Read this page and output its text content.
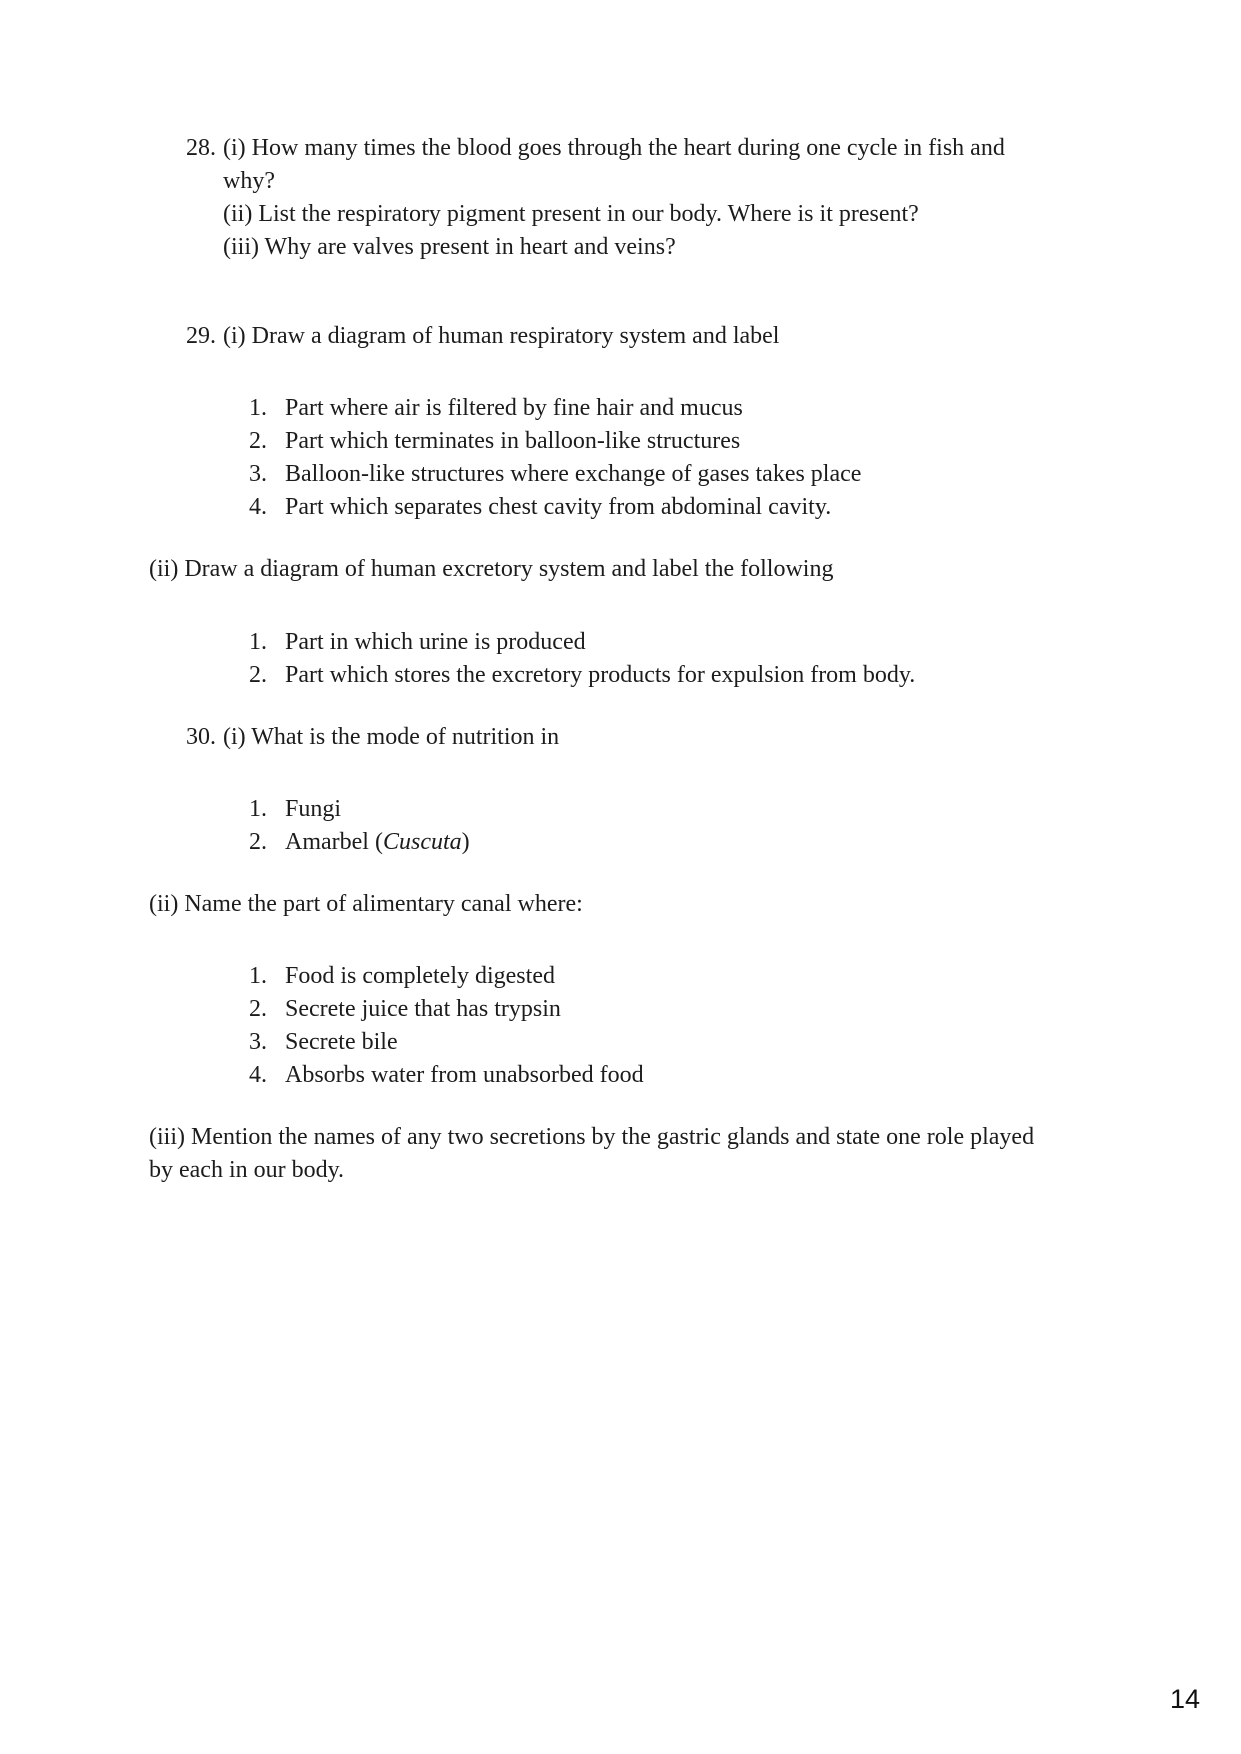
28. (i) How many times the blood goes through the heart during one cycle in fish and
why?
(ii) List the respiratory pigment present in our body. Where is it present?
(iii) Why are valves present in heart and veins?
29. (i) Draw a diagram of human respiratory system and label
1. Part where air is filtered by fine hair and mucus
2. Part which terminates in balloon-like structures
3. Balloon-like structures where exchange of gases takes place
4. Part which separates chest cavity from abdominal cavity.
(ii) Draw a diagram of human excretory system and label the following
1. Part in which urine is produced
2. Part which stores the excretory products for expulsion from body.
30. (i) What is the mode of nutrition in
1. Fungi
2. Amarbel (Cuscuta)
(ii) Name the part of alimentary canal where:
1. Food is completely digested
2. Secrete juice that has trypsin
3. Secrete bile
4. Absorbs water from unabsorbed food
(iii) Mention the names of any two secretions by the gastric glands and state one role played
by each in our body.
14
